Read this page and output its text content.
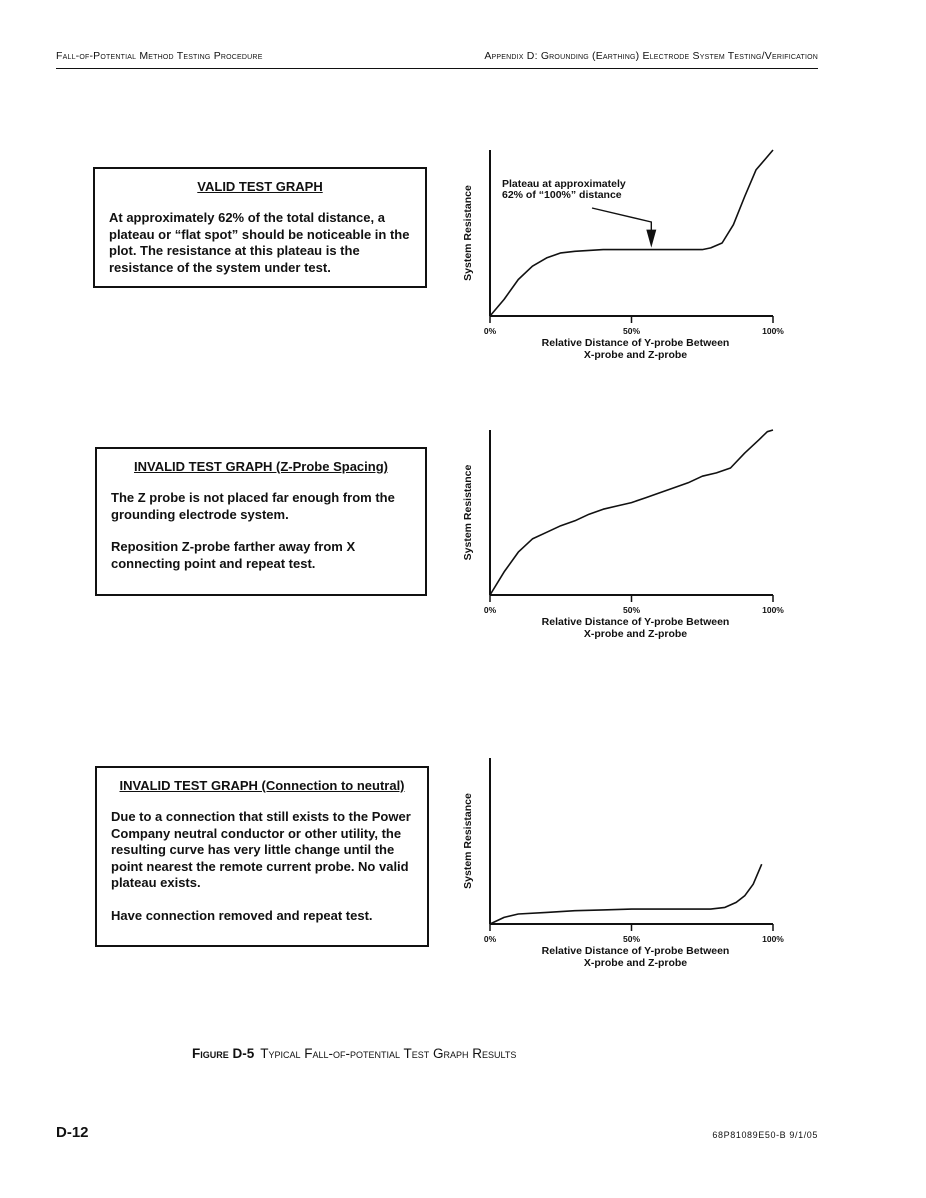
Fall-of-Potential Method Testing Procedure	Appendix D: Grounding (Earthing) Electrode System Testing/Verification
VALID TEST GRAPH

At approximately 62% of the total distance, a plateau or “flat spot” should be noticeable in the plot. The resistance at this plateau is the resistance of the system under test.

INVALID TEST GRAPH (Z-Probe Spacing)

The Z probe is not placed far enough from the grounding electrode system.

Reposition Z-probe farther away from X connecting point and repeat test.

INVALID TEST GRAPH (Connection to neutral)

Due to a connection that still exists to the Power Company neutral conductor or other utility, the resulting curve has very little change until the point nearest the remote current probe. No valid plateau exists.

Have connection removed and repeat test.

0%	50%	100%
Relative Distance of Y-probe Between
X-probe and Z-probe
System Resistance
Plateau at approximately
62% of “100%” distance
0%	50%	100%
Relative Distance of Y-probe Between
X-probe and Z-probe
System Resistance
0%	50%	100%
Relative Distance of Y-probe Between
X-probe and Z-probe
System Resistance
Figure D-5 Typical Fall-of-potential Test Graph Results
D-12	68P81089E50-B 9/1/05
